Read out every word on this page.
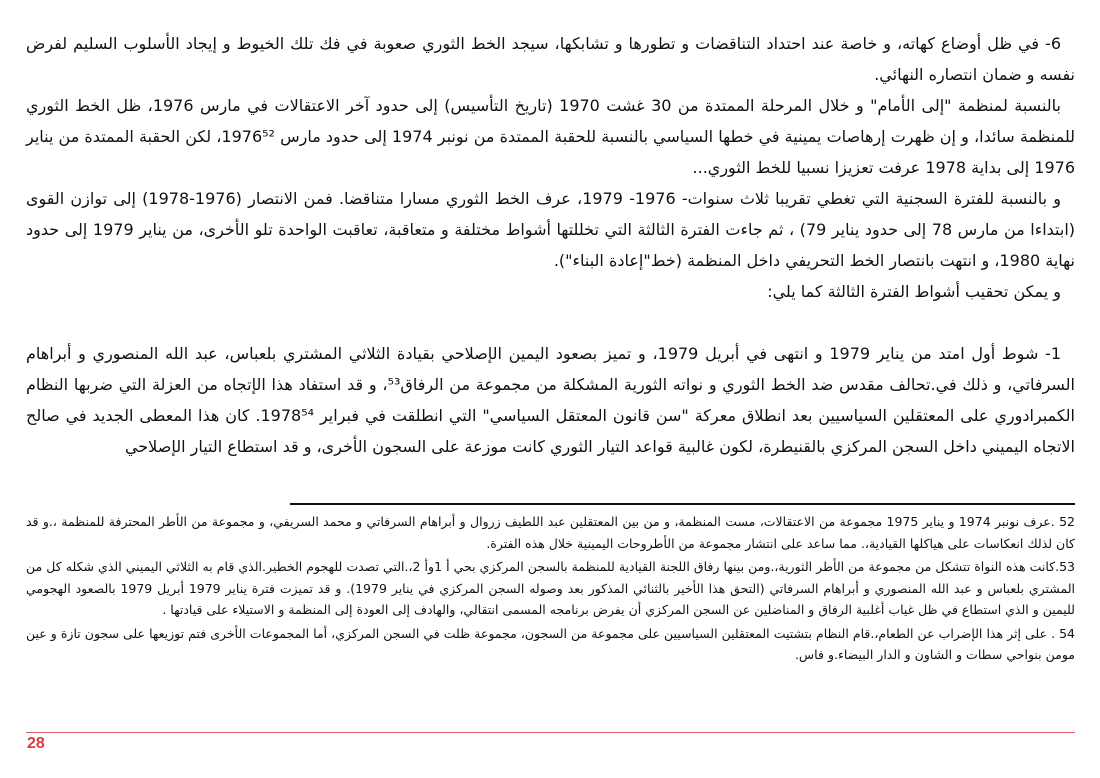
6- في ظل أوضاع كهاته، و خاصة عند احتداد التناقضات و تطورها و تشابكها، سيجد الخط الثوري صعوبة في فك تلك الخيوط و إيجاد الأسلوب السليم لفرض نفسه و ضمان انتصاره النهائي.

بالنسبة لمنظمة "إلى الأمام" و خلال المرحلة الممتدة من 30 غشت 1970 (تاريخ التأسيس) إلى حدود آخر الاعتقالات في مارس 1976، ظل الخط الثوري للمنظمة سائدا، و إن ظهرت إرهاصات يمينية في خطها السياسي بالنسبة للحقبة الممتدة من نونبر 1974 إلى حدود مارس 1976⁵²، لكن الحقبة الممتدة من يناير 1976 إلى بداية 1978 عرفت تعزيزا نسبيا للخط الثوري...

و بالنسبة للفترة السجنية التي تغطي تقريبا ثلاث سنوات- 1976- 1979، عرف الخط الثوري مسارا متناقضا. فمن الانتصار (1976-1978) إلى توازن القوى (ابتداءا من مارس 78 إلى حدود يناير 79) ، ثم جاءت الفترة الثالثة التي تخللتها أشواط مختلفة و متعاقبة، تعاقبت الواحدة تلو الأخرى، من يناير 1979 إلى حدود نهاية 1980، و انتهت بانتصار الخط التحريفي داخل المنظمة (خط"إعادة البناء").

و يمكن تحقيب أشواط الفترة الثالثة كما يلي:

1- شوط أول امتد من يناير 1979 و انتهى في أبريل 1979، و تميز بصعود اليمين الإصلاحي بقيادة الثلاثي المشتري بلعباس، عبد الله المنصوري و أبراهام السرفاتي، و ذلك في.تحالف مقدس ضد الخط الثوري و نواته الثورية المشكلة من مجموعة من الرفاق⁵³، و قد استفاد هذا الإتجاه من العزلة التي ضربها النظام الكمبرادوري على المعتقلين السياسيين بعد انطلاق معركة "سن قانون المعتقل السياسي" التي انطلقت في فبراير 1978⁵⁴. كان هذا المعطى الجديد في صالح الاتجاه اليميني داخل السجن المركزي بالقنيطرة، لكون غالبية قواعد التيار الثوري كانت موزعة على السجون الأخرى، و قد استطاع التيار الإصلاحي

52 .عرف نونبر 1974 و يناير 1975 مجموعة من الاعتقالات، مست المنظمة، و من بين المعتقلين عبد اللطيف زروال و أبراهام السرفاتي و محمد السريفي، و مجموعة من الأطر المحترفة للمنظمة ،.و قد كان لذلك انعكاسات على هياكلها القيادية،. مما ساعد على انتشار مجموعة من الأطروحات اليمينية خلال هذه الفترة.

53.كانت هذه النواة تتشكل من مجموعة من الأطر الثورية،.ومن بينها رفاق اللجنة القيادية للمنظمة بالسجن المركزي بحي أ 1وأ 2،.التي تصدت للهجوم الخطير.الذي قام به الثلاثي اليميني الذي شكله كل من المشتري بلعباس و عبد الله المنصوري و أبراهام السرفاتي (التحق هذا الأخير بالثنائي المذكور بعد وصوله السجن المركزي في يناير 1979). و قد تميزت فترة يناير 1979 أبريل 1979 بالصعود الهجومي لليمين و الذي استطاع في ظل غياب أغلبية الرفاق و المناضلين عن السجن المركزي أن يفرض برنامجه المسمى انتقالي، والهادف إلى العودة إلى المنظمة و الاستيلاء على قيادتها .

54 . على إثر هذا الإضراب عن الطعام،.قام النظام بتشتيت المعتقلين السياسيين على مجموعة من السجون، مجموعة ظلت في السجن المركزي، أما المجموعات الأخرى فتم توزيعها على سجون تازة و عين مومن بنواحي سطات و الشاون و الدار البيضاء.و فاس.

28
